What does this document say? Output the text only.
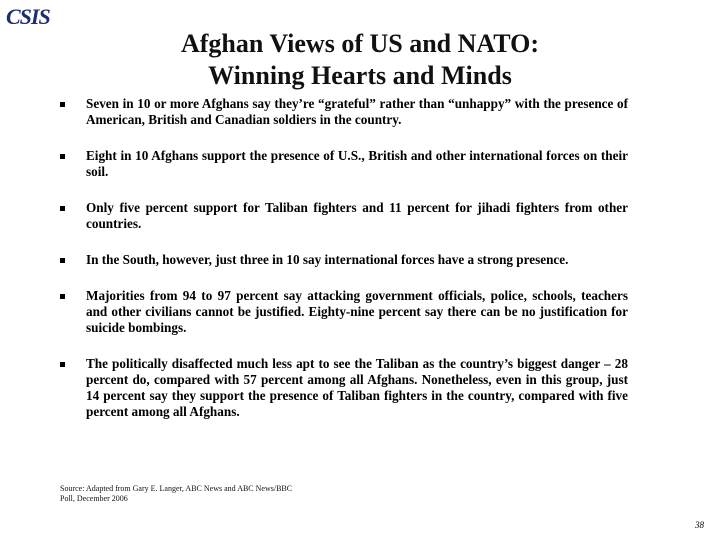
CSIS
Afghan Views of US and NATO:
Winning Hearts and Minds
Seven in 10 or more Afghans say they’re “grateful” rather than “unhappy” with the presence of American, British and Canadian soldiers in the country.
Eight in 10 Afghans support the presence of U.S., British and other international forces on their soil.
Only five percent support for Taliban fighters and 11 percent for jihadi fighters from other countries.
In the South, however, just three in 10 say international forces have a strong presence.
Majorities from 94 to 97 percent say attacking government officials, police, schools, teachers and other civilians cannot be justified. Eighty-nine percent say there can be no justification for suicide bombings.
The politically disaffected much less apt to see the Taliban as the country’s biggest danger – 28 percent do, compared with 57 percent among all Afghans. Nonetheless, even in this group, just 14 percent say they support the presence of Taliban fighters in the country, compared with five percent among all Afghans.
Source: Adapted from Gary E. Langer, ABC News and ABC News/BBC
Poll, December 2006
38
